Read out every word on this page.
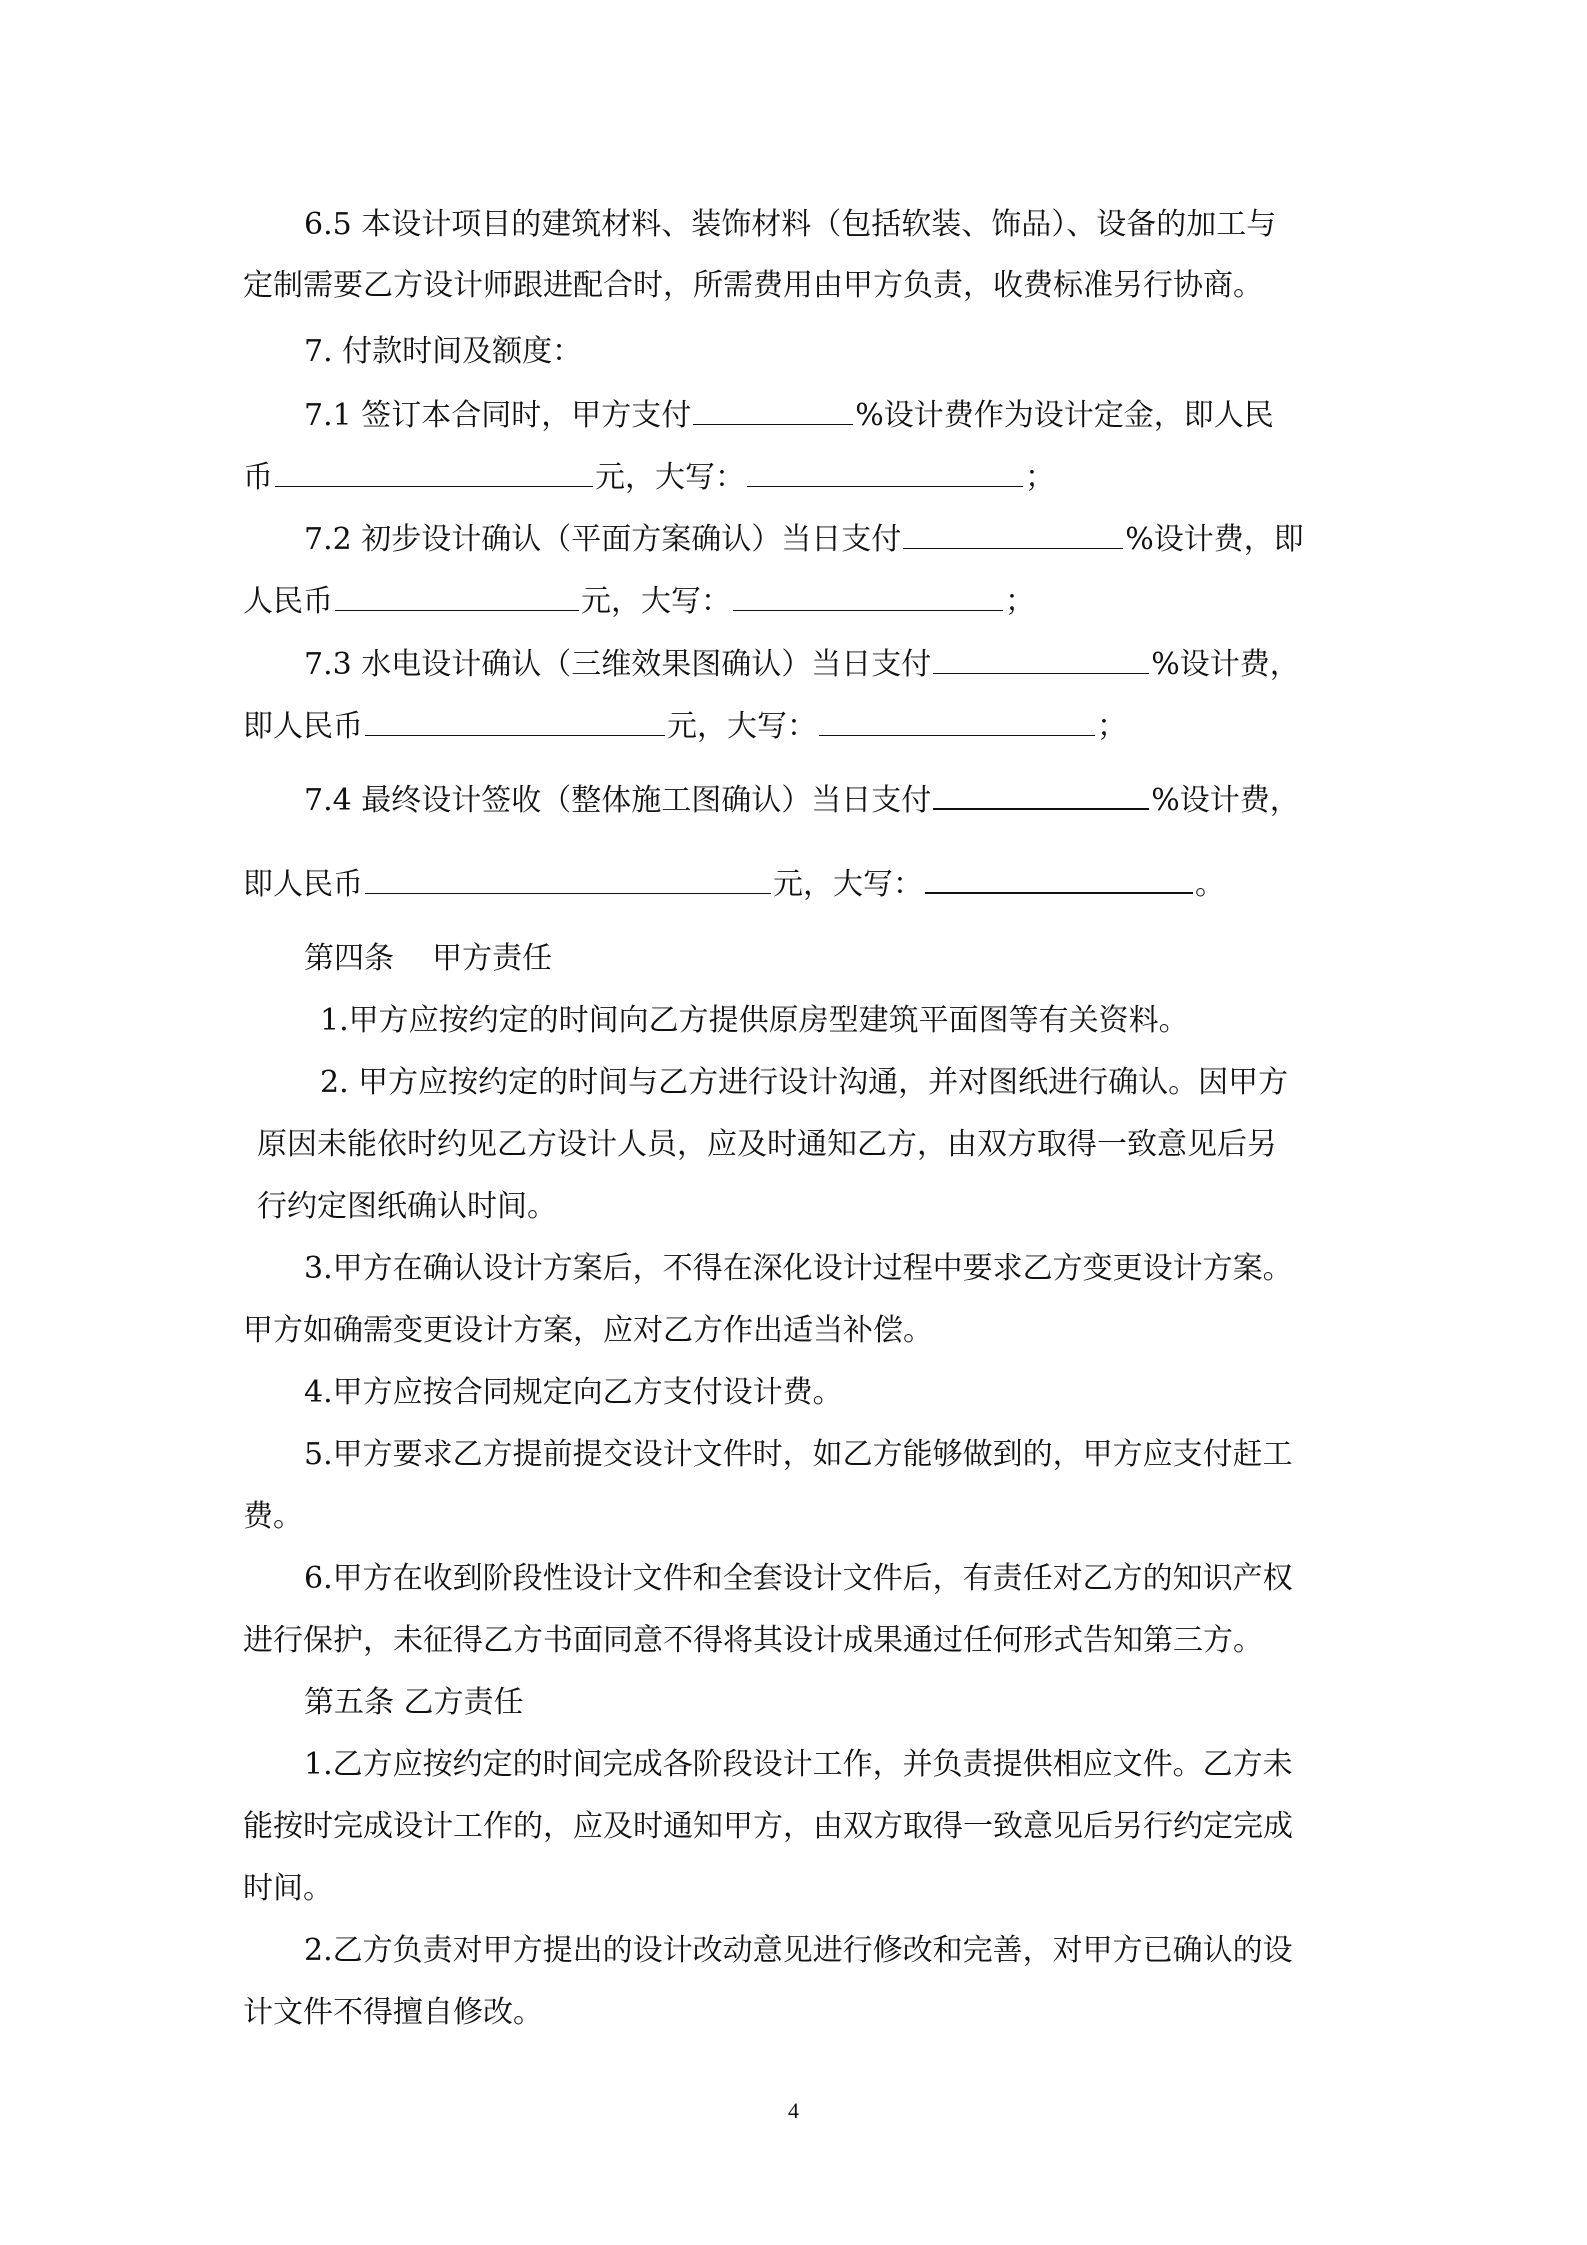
6.5 本设计项目的建筑材料、装饰材料（包括软装、饰品）、设备的加工与
定制需要乙方设计师跟进配合时，所需费用由甲方负责，收费标准另行协商。
7. 付款时间及额度：
7.1 签订本合同时，甲方支付	%设计费作为设计定金，即人民
币	元，大写：	；
7.2 初步设计确认（平面方案确认）当日支付	%设计费，即
人民币	元，大写：	；
7.3 水电设计确认（三维效果图确认）当日支付	%设计费，
即人民币	元，大写：	；
7.4 最终设计签收（整体施工图确认）当日支付	%设计费，
即人民币	元，大写：	。
第四条    甲方责任
1.甲方应按约定的时间向乙方提供原房型建筑平面图等有关资料。
2. 甲方应按约定的时间与乙方进行设计沟通，并对图纸进行确认。因甲方
原因未能依时约见乙方设计人员，应及时通知乙方，由双方取得一致意见后另
行约定图纸确认时间。
3.甲方在确认设计方案后，不得在深化设计过程中要求乙方变更设计方案。
甲方如确需变更设计方案，应对乙方作出适当补偿。
4.甲方应按合同规定向乙方支付设计费。
5.甲方要求乙方提前提交设计文件时，如乙方能够做到的，甲方应支付赶工
费。
6.甲方在收到阶段性设计文件和全套设计文件后，有责任对乙方的知识产权
进行保护，未征得乙方书面同意不得将其设计成果通过任何形式告知第三方。
第五条 乙方责任
1.乙方应按约定的时间完成各阶段设计工作，并负责提供相应文件。乙方未
能按时完成设计工作的，应及时通知甲方，由双方取得一致意见后另行约定完成
时间。
2.乙方负责对甲方提出的设计改动意见进行修改和完善，对甲方已确认的设
计文件不得擅自修改。
4
